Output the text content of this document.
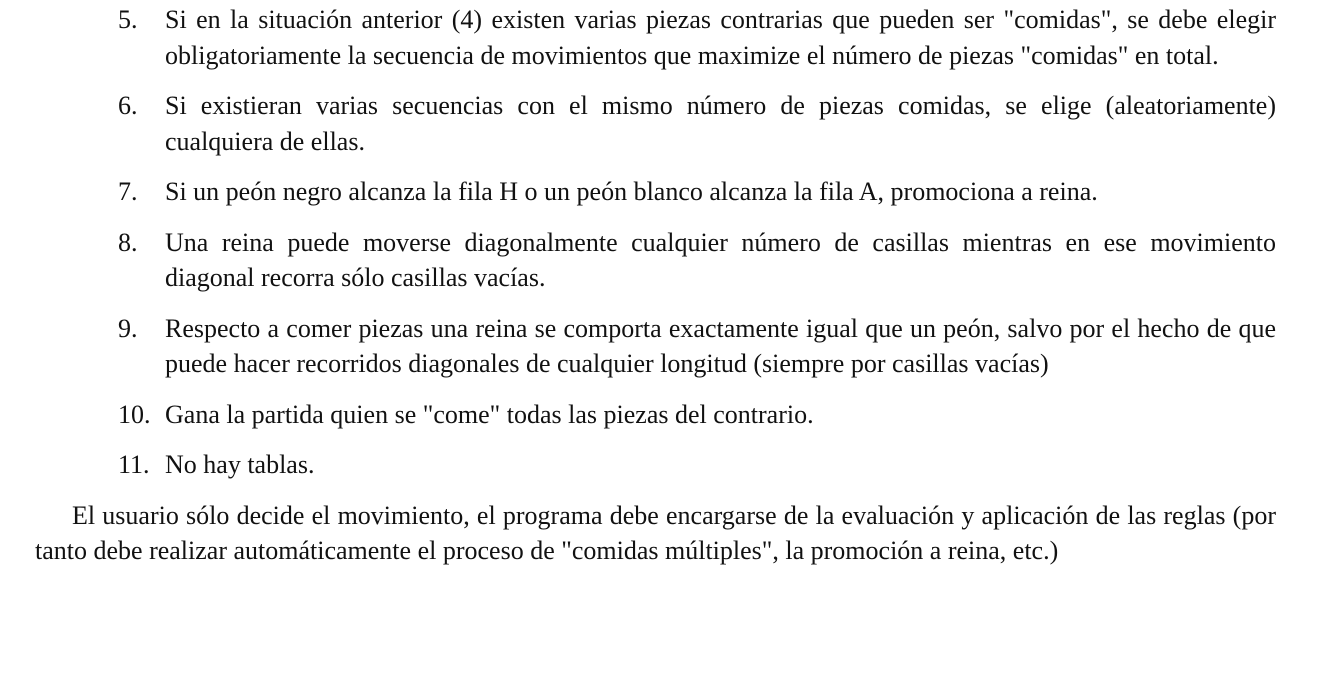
5. Si en la situación anterior (4) existen varias piezas contrarias que pueden ser "comidas", se debe elegir obligatoriamente la secuencia de movimientos que maximize el número de piezas "comidas" en total.
6. Si existieran varias secuencias con el mismo número de piezas comidas, se elige (aleatoriamente) cualquiera de ellas.
7. Si un peón negro alcanza la fila H o un peón blanco alcanza la fila A, promociona a reina.
8. Una reina puede moverse diagonalmente cualquier número de casillas mientras en ese movimiento diagonal recorra sólo casillas vacías.
9. Respecto a comer piezas una reina se comporta exactamente igual que un peón, salvo por el hecho de que puede hacer recorridos diagonales de cualquier longitud (siempre por casillas vacías)
10. Gana la partida quien se "come" todas las piezas del contrario.
11. No hay tablas.

El usuario sólo decide el movimiento, el programa debe encargarse de la evaluación y aplicación de las reglas (por tanto debe realizar automáticamente el proceso de "comidas múltiples", la promoción a reina, etc.)
